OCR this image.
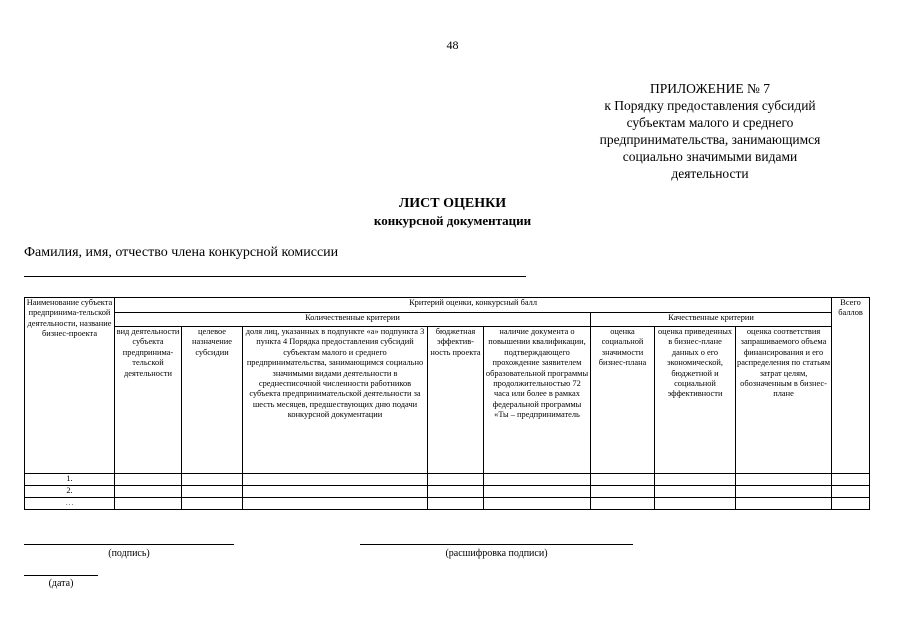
48
ПРИЛОЖЕНИЕ № 7
к Порядку предоставления субсидий
субъектам малого и среднего
предпринимательства, занимающимся
социально значимыми видами
деятельности
ЛИСТ ОЦЕНКИ
конкурсной документации
Фамилия, имя, отчество члена конкурсной комиссии
Наименование субъекта предпринима-тельской деятельности, название бизнес-проекта	Критерий оценки, конкурсный балл								Всего баллов
	Количественные критерии					Качественные критерии			
	вид деятельности субъекта предпринима-тельской деятельности	целевое назначение субсидии	доля лиц, указанных в подпункте «а» подпункта 3 пункта 4 Порядка предоставления субсидий субъектам малого и среднего предпринимательства, занимающимся социально значимыми видами деятельности в среднесписочной численности работников субъекта предпринимательской деятельности за шесть месяцев, предшествующих дню подачи конкурсной документации	бюджетная эффектив-ность проекта	наличие документа о повышении квалификации, подтверждающего прохождение заявителем образовательной программы продолжительностью 72 часа или более в рамках федеральной программы «Ты – предприниматель	оценка социальной значимости бизнес-плана	оценка приведенных в бизнес-плане данных о его экономической, бюджетной и социальной эффективности	оценка соответствия запрашиваемого объема финансирования и его распределения по статьям затрат целям, обозначенным в бизнес-плане	
1.									
2.									
…									
(подпись)	(расшифровка подписи)
(дата)
